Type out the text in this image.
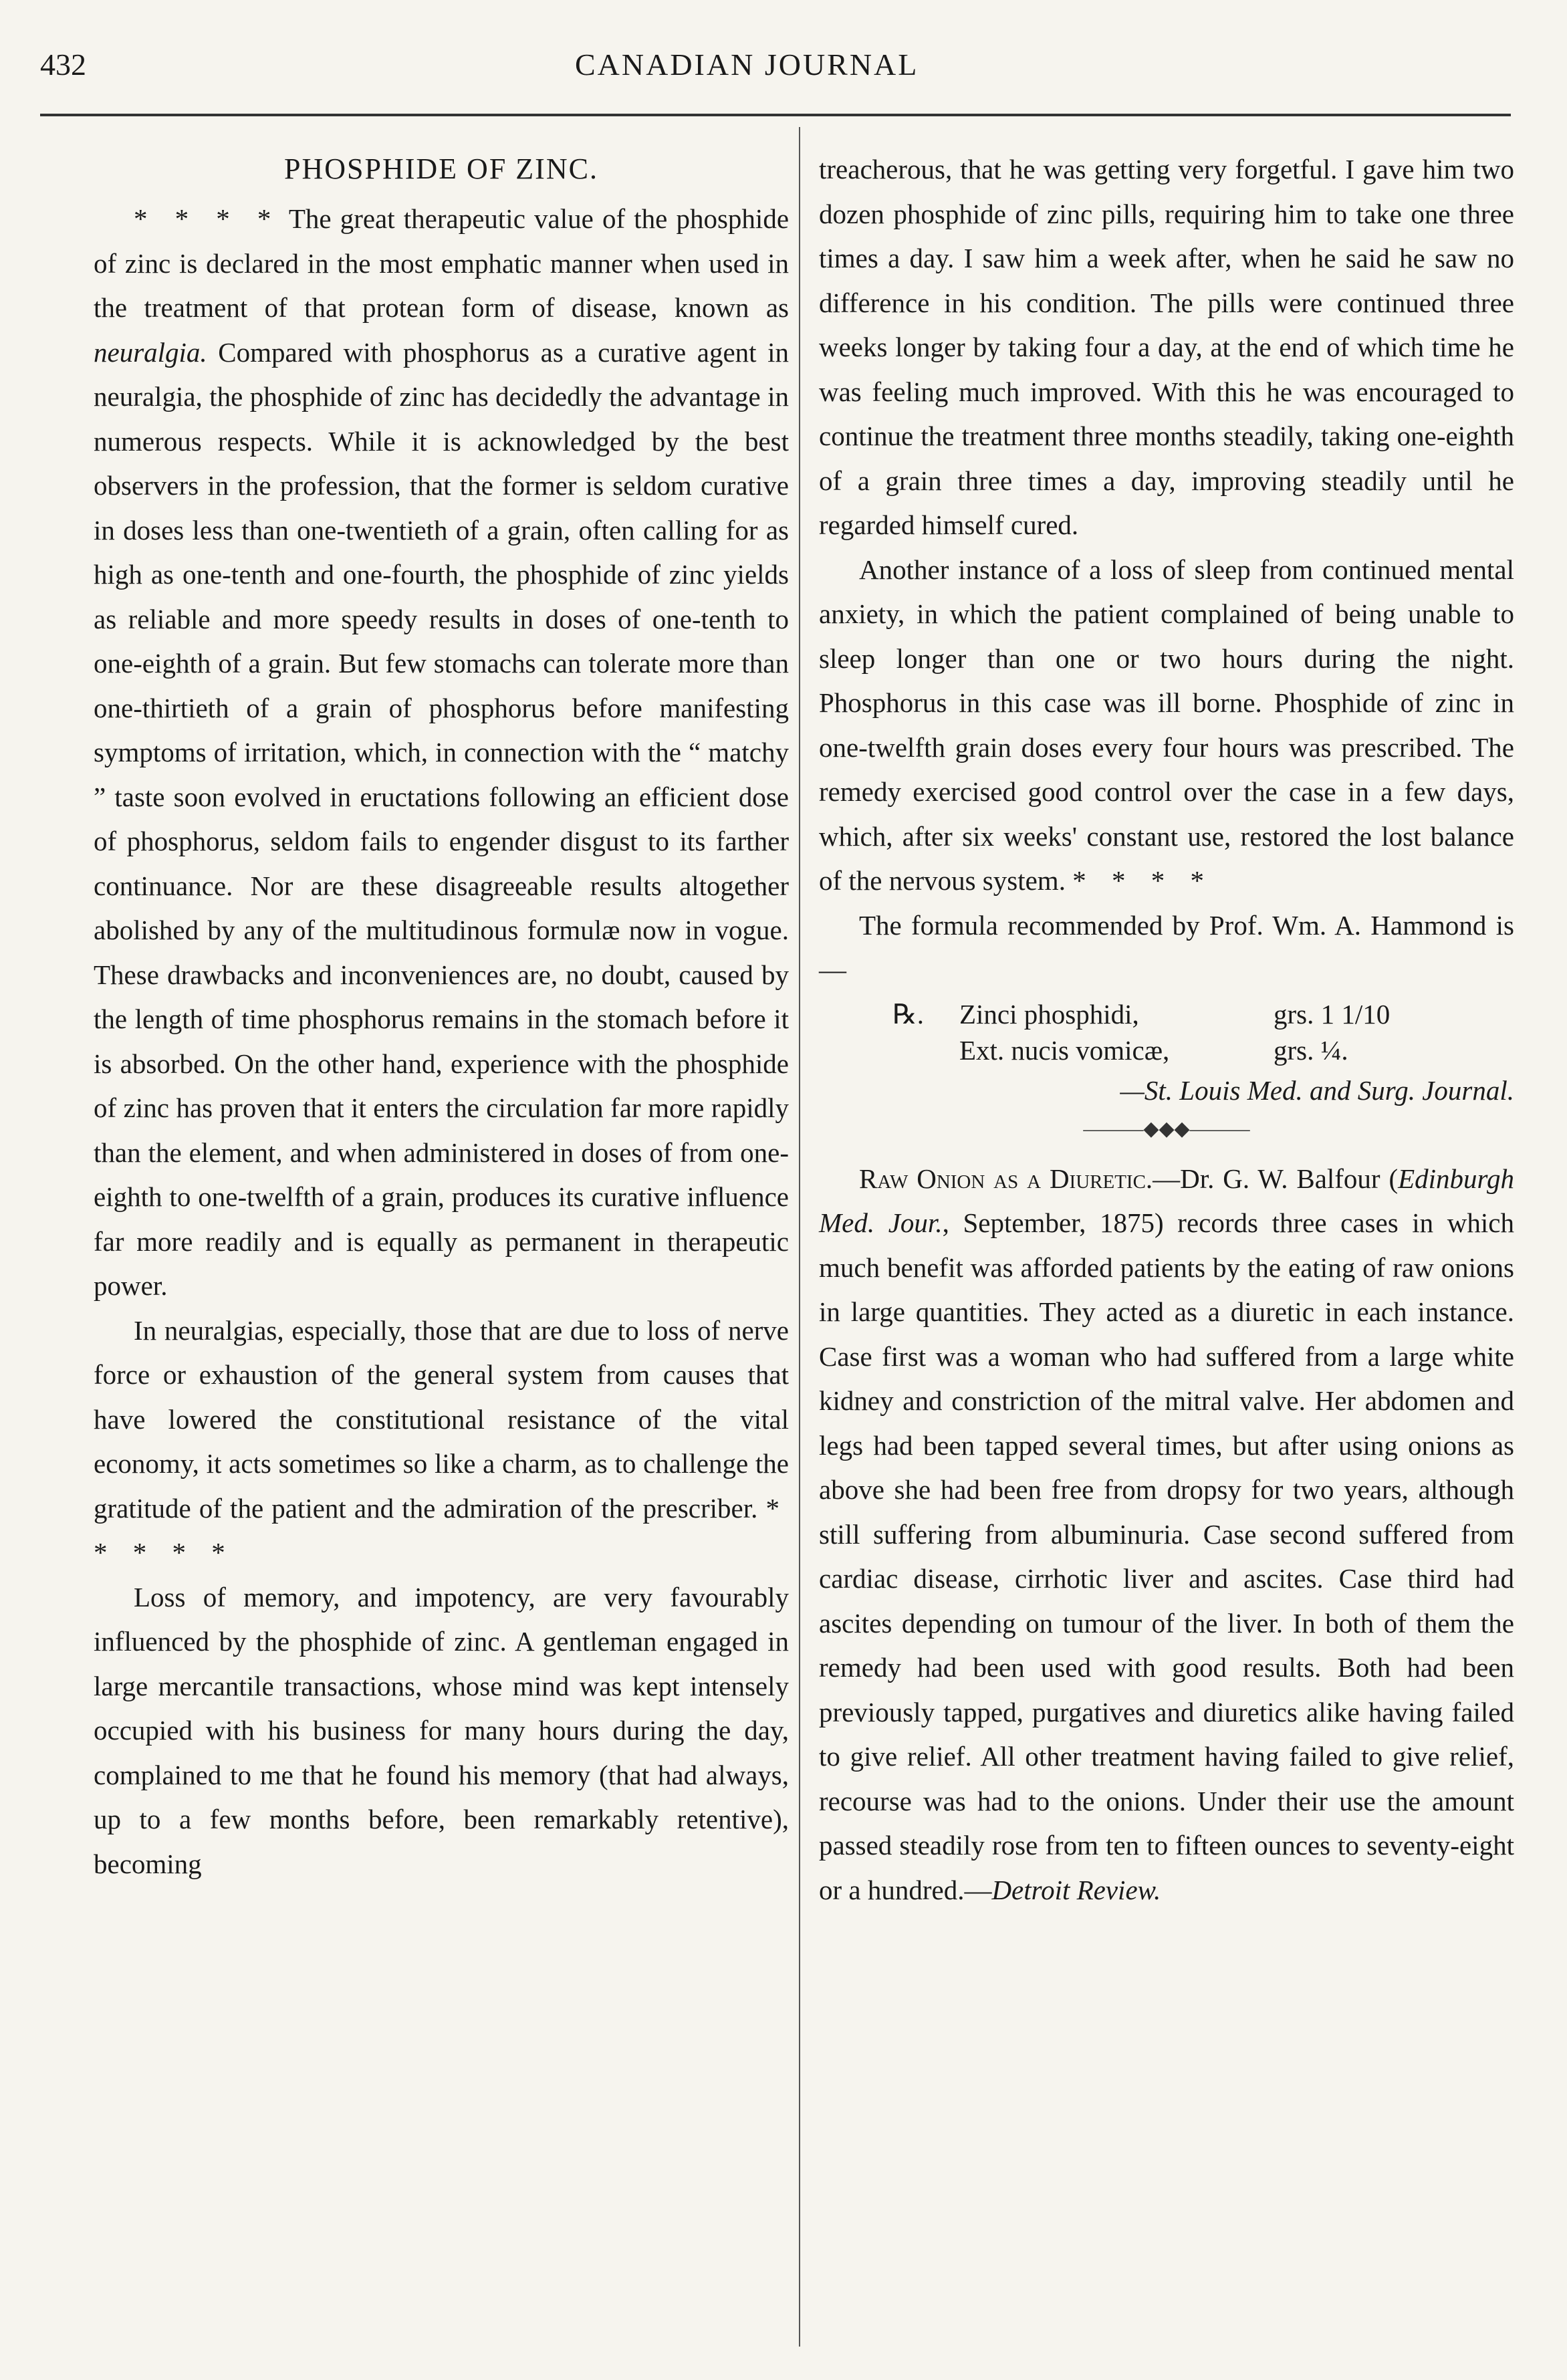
432	CANADIAN JOURNAL
PHOSPHIDE OF ZINC.

* * * * The great therapeutic value of the phosphide of zinc is declared in the most emphatic manner when used in the treatment of that protean form of disease, known as neuralgia. Compared with phosphorus as a curative agent in neuralgia, the phosphide of zinc has decidedly the advantage in numerous respects. While it is acknowledged by the best observers in the profession, that the former is seldom curative in doses less than one-twentieth of a grain, often calling for as high as one-tenth and one-fourth, the phosphide of zinc yields as reliable and more speedy results in doses of one-tenth to one-eighth of a grain. But few stomachs can tolerate more than one-thirtieth of a grain of phosphorus before manifesting symptoms of irritation, which, in connection with the “ matchy ” taste soon evolved in eructations following an efficient dose of phosphorus, seldom fails to engender disgust to its farther continuance. Nor are these disagreeable results altogether abolished by any of the multitudinous formulæ now in vogue. These drawbacks and inconveniences are, no doubt, caused by the length of time phosphorus remains in the stomach before it is absorbed. On the other hand, experience with the phosphide of zinc has proven that it enters the circulation far more rapidly than the element, and when administered in doses of from one-eighth to one-twelfth of a grain, produces its curative influence far more readily and is equally as permanent in therapeutic power.

In neuralgias, especially, those that are due to loss of nerve force or exhaustion of the general system from causes that have lowered the constitutional resistance of the vital economy, it acts sometimes so like a charm, as to challenge the gratitude of the patient and the admiration of the prescriber. * * * * *

Loss of memory, and impotency, are very favourably influenced by the phosphide of zinc. A gentleman engaged in large mercantile transactions, whose mind was kept intensely occupied with his business for many hours during the day, complained to me that he found his memory (that had always, up to a few months before, been remarkably retentive), becoming

treacherous, that he was getting very forgetful. I gave him two dozen phosphide of zinc pills, requiring him to take one three times a day. I saw him a week after, when he said he saw no difference in his condition. The pills were continued three weeks longer by taking four a day, at the end of which time he was feeling much improved. With this he was encouraged to continue the treatment three months steadily, taking one-eighth of a grain three times a day, improving steadily until he regarded himself cured.

Another instance of a loss of sleep from continued mental anxiety, in which the patient complained of being unable to sleep longer than one or two hours during the night. Phosphorus in this case was ill borne. Phosphide of zinc in one-twelfth grain doses every four hours was prescribed. The remedy exercised good control over the case in a few days, which, after six weeks' constant use, restored the lost balance of the nervous system. * * * *

The formula recommended by Prof. Wm. A. Hammond is—

℞.	Zinci phosphidi,	grs. 1 1/10
Ext. nucis vomicæ,	grs. ¼.
—St. Louis Med. and Surg. Journal.
———◆◆◆———

Raw Onion as a Diuretic.—Dr. G. W. Balfour (Edinburgh Med. Jour., September, 1875) records three cases in which much benefit was afforded patients by the eating of raw onions in large quantities. They acted as a diuretic in each instance. Case first was a woman who had suffered from a large white kidney and constriction of the mitral valve. Her abdomen and legs had been tapped several times, but after using onions as above she had been free from dropsy for two years, although still suffering from albuminuria. Case second suffered from cardiac disease, cirrhotic liver and ascites. Case third had ascites depending on tumour of the liver. In both of them the remedy had been used with good results. Both had been previously tapped, purgatives and diuretics alike having failed to give relief. All other treatment having failed to give relief, recourse was had to the onions. Under their use the amount passed steadily rose from ten to fifteen ounces to seventy-eight or a hundred.—Detroit Review.
